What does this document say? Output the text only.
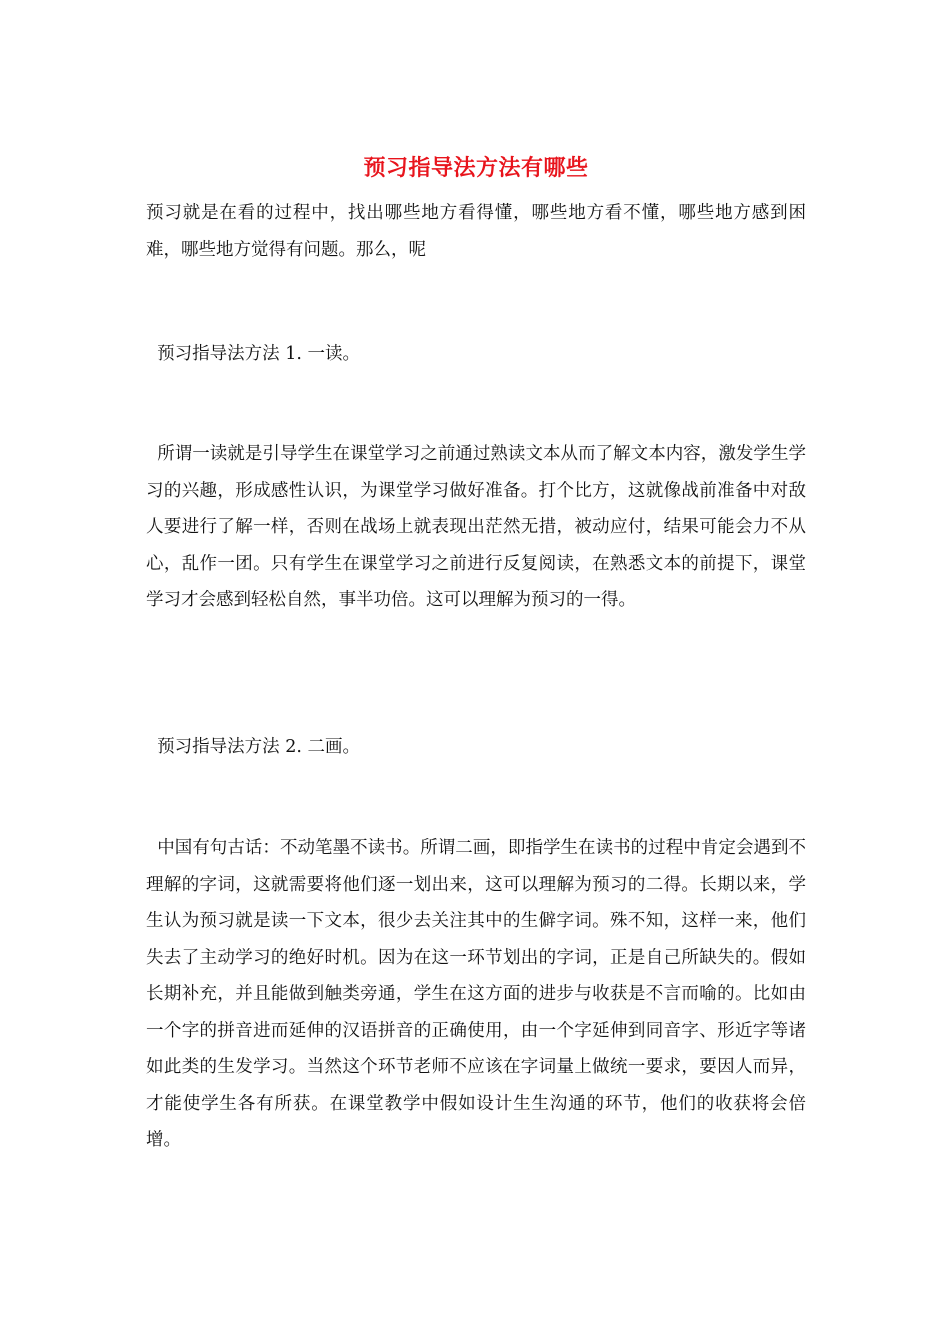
预习指导法方法有哪些

预习就是在看的过程中，找出哪些地方看得懂，哪些地方看不懂，哪些地方感到困难，哪些地方觉得有问题。那么，呢

预习指导法方法 1. 一读。

所谓一读就是引导学生在课堂学习之前通过熟读文本从而了解文本内容，激发学生学习的兴趣，形成感性认识，为课堂学习做好准备。打个比方，这就像战前准备中对敌人要进行了解一样，否则在战场上就表现出茫然无措，被动应付，结果可能会力不从心，乱作一团。只有学生在课堂学习之前进行反复阅读，在熟悉文本的前提下，课堂学习才会感到轻松自然，事半功倍。这可以理解为预习的一得。

预习指导法方法 2. 二画。

中国有句古话：不动笔墨不读书。所谓二画，即指学生在读书的过程中肯定会遇到不理解的字词，这就需要将他们逐一划出来，这可以理解为预习的二得。长期以来，学生认为预习就是读一下文本，很少去关注其中的生僻字词。殊不知，这样一来，他们失去了主动学习的绝好时机。因为在这一环节划出的字词，正是自己所缺失的。假如长期补充，并且能做到触类旁通，学生在这方面的进步与收获是不言而喻的。比如由一个字的拼音进而延伸的汉语拼音的正确使用，由一个字延伸到同音字、形近字等诸如此类的生发学习。当然这个环节老师不应该在字词量上做统一要求，要因人而异，才能使学生各有所获。在课堂教学中假如设计生生沟通的环节，他们的收获将会倍增。
